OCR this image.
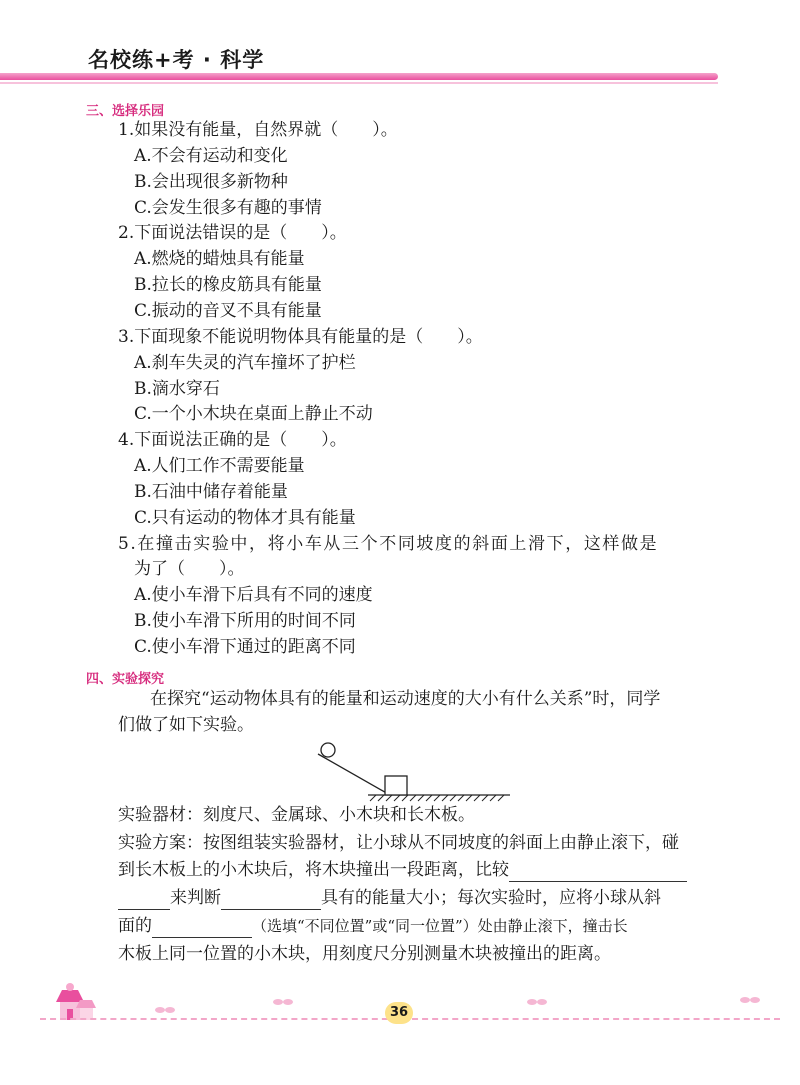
名校练+考 · 科学
三、选择乐园
1.如果没有能量，自然界就（　　）。
A.不会有运动和变化
B.会出现很多新物种
C.会发生很多有趣的事情
2.下面说法错误的是（　　）。
A.燃烧的蜡烛具有能量
B.拉长的橡皮筋具有能量
C.振动的音叉不具有能量
3.下面现象不能说明物体具有能量的是（　　）。
A.刹车失灵的汽车撞坏了护栏
B.滴水穿石
C.一个小木块在桌面上静止不动
4.下面说法正确的是（　　）。
A.人们工作不需要能量
B.石油中储存着能量
C.只有运动的物体才具有能量
5.在撞击实验中，将小车从三个不同坡度的斜面上滑下，这样做是
为了（　　）。
A.使小车滑下后具有不同的速度
B.使小车滑下所用的时间不同
C.使小车滑下通过的距离不同
四、实验探究
在探究“运动物体具有的能量和运动速度的大小有什么关系”时，同学
们做了如下实验。
实验器材：刻度尺、金属球、小木块和长木板。
实验方案：按图组装实验器材，让小球从不同坡度的斜面上由静止滚下，碰
到长木板上的小木块后，将木块撞出一段距离，比较
来判断	具有的能量大小；每次实验时，应将小球从斜
面的	（选填“不同位置”或“同一位置”）处由静止滚下，撞击长
木板上同一位置的小木块，用刻度尺分别测量木块被撞出的距离。
36
